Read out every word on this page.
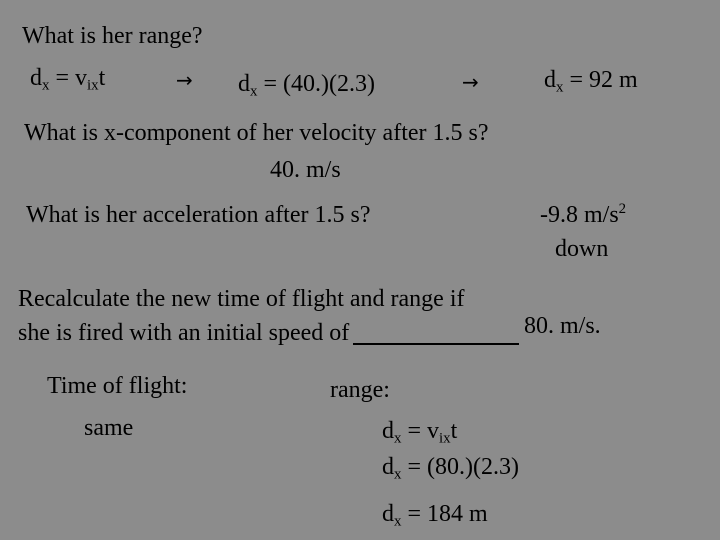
What is her range?
$d_x = v_{ix}t$	→ $d_x = (40.)(2.3)$	→	$d_x = 92$ m
What is x-component of her velocity after 1.5 s?
40. m/s
What is her acceleration after 1.5 s?	-9.8 $m/s^2$
down
Recalculate the new time of flight and range if
80. m/s.
she is fired with an initial speed of
Time of flight:
same
range:
$d_x = v_{ix}t$
$d_x = (80.)(2.3)$
$d_x = 184$ m
